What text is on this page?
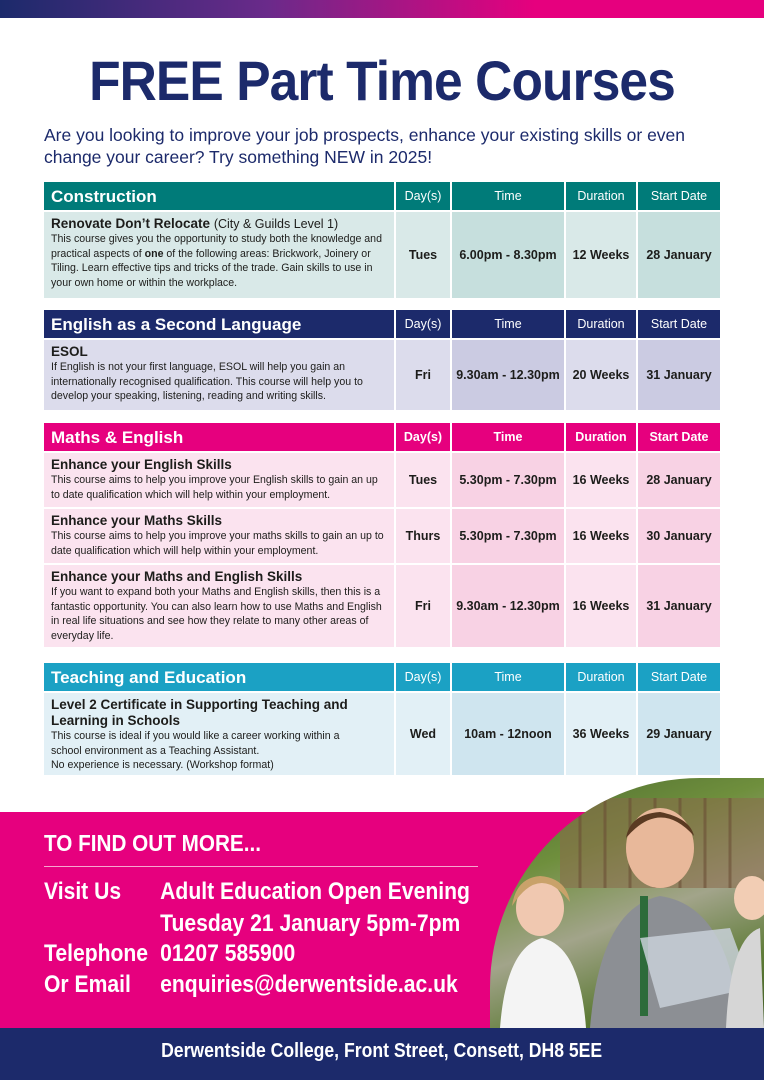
FREE Part Time Courses

Are you looking to improve your job prospects, enhance your existing skills or even change your career? Try something NEW in 2025!

Construction	Day(s)	Time	Duration	Start Date
Renovate Don’t Relocate (City & Guilds Level 1)
This course gives you the opportunity to study both the knowledge and practical aspects of one of the following areas: Brickwork, Joinery or Tiling. Learn effective tips and tricks of the trade. Gain skills to use in your own home or within the workplace.
Tues	6.00pm - 8.30pm	12 Weeks	28 January
English as a Second Language	Day(s)	Time	Duration	Start Date
ESOL
If English is not your first language, ESOL will help you gain an internationally recognised qualification. This course will help you to develop your speaking, listening, reading and writing skills.
Fri	9.30am - 12.30pm	20 Weeks	31 January
Maths & English	Day(s)	Time	Duration	Start Date
Enhance your English Skills
This course aims to help you improve your English skills to gain an up to date qualification which will help within your employment.
Tues	5.30pm - 7.30pm	16 Weeks	28 January
Enhance your Maths Skills
This course aims to help you improve your maths skills to gain an up to date qualification which will help within your employment.
Thurs	5.30pm - 7.30pm	16 Weeks	30 January
Enhance your Maths and English Skills
If you want to expand both your Maths and English skills, then this is a fantastic opportunity. You can also learn how to use Maths and English in real life situations and see how they relate to many other areas of everyday life.
Fri	9.30am - 12.30pm	16 Weeks	31 January
Teaching and Education	Day(s)	Time	Duration	Start Date
Level 2 Certificate in Supporting Teaching and Learning in Schools
This course is ideal if you would like a career working within a school environment as a Teaching Assistant.
No experience is necessary. (Workshop format)
Wed	10am - 12noon	36 Weeks	29 January
TO FIND OUT MORE...
Visit Us Adult Education Open Evening
Tuesday 21 January 5pm-7pm
Telephone 01207 585900
Or Email enquiries@derwentside.ac.uk
Derwentside College, Front Street, Consett, DH8 5EE
